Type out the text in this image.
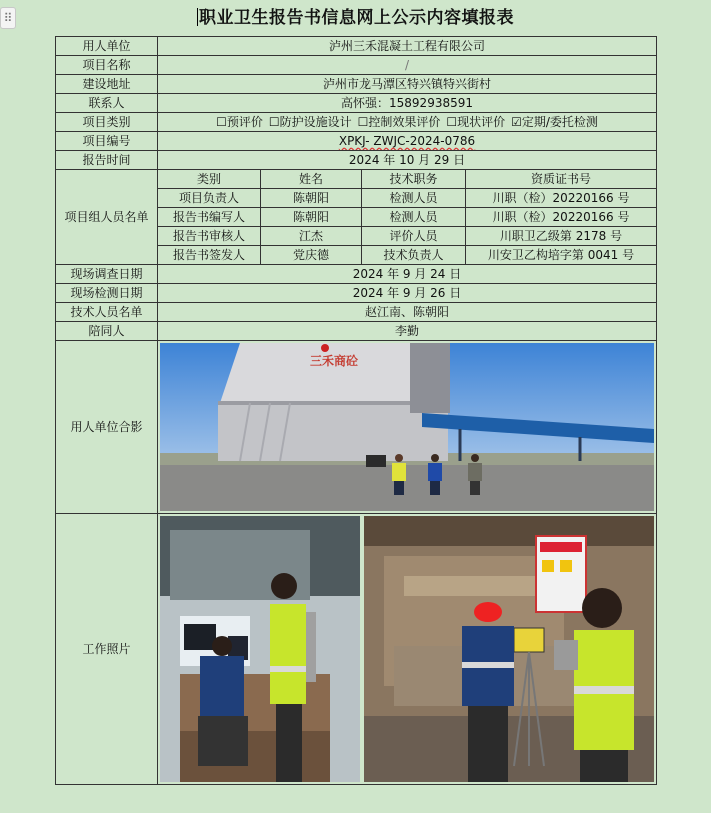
⠿	职业卫生报告书信息网上公示内容填报表
用人单位	泸州三禾混凝土工程有限公司			
项目名称	/			
建设地址	泸州市龙马潭区特兴镇特兴街村			
联系人	高怀强：15892938591			
项目类别	☐预评价 ☐防护设施设计 ☐控制效果评价 ☐现状评价 ☑定期/委托检测			
项目编号	XPKJ- ZWJC-2024-0786			
报告时间	2024 年 10 月 29 日			
项目组人员名单	类别	姓名	技术职务	资质证书号
	项目负责人	陈朝阳	检测人员	川职（检）20220166 号
	报告书编写人	陈朝阳	检测人员	川职（检）20220166 号
	报告书审核人	江杰	评价人员	川职卫乙级第 2178 号
	报告书签发人	党庆德	技术负责人	川安卫乙构培字第 0041 号
现场调查日期	2024 年 9 月 24 日			
现场检测日期	2024 年 9 月 26 日			
技术人员名单	赵江南、陈朝阳			
陪同人	李勤			
用人单位合影	三禾商砼			

工作照片	
